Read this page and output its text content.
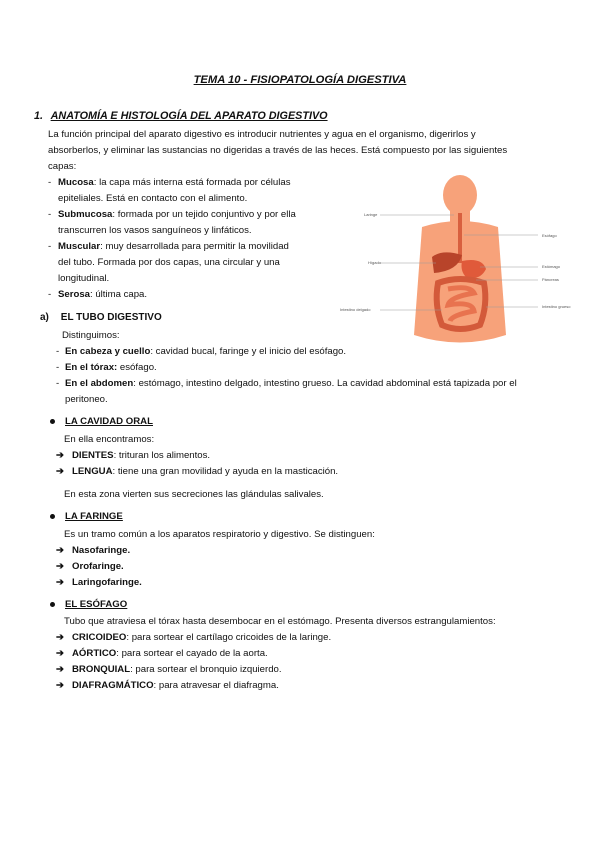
TEMA 10 - FISIOPATOLOGÍA DIGESTIVA
1. ANATOMÍA E HISTOLOGÍA DEL APARATO DIGESTIVO
La función principal del aparato digestivo es introducir nutrientes y agua en el organismo, digerirlos y
absorberlos, y eliminar las sustancias no digeridas a través de las heces. Está compuesto por las siguientes
capas:
- Mucosa: la capa más interna está formada por células
epiteliales. Está en contacto con el alimento.
- Submucosa: formada por un tejido conjuntivo y por ella
transcurren los vasos sanguíneos y linfáticos.
- Muscular: muy desarrollada para permitir la movilidad
del tubo. Formada por dos capas, una circular y una
longitudinal.
- Serosa: última capa.
Laringe
Hígado
Intestino delgado
Esófago
Estómago
Páncreas
Intestino grueso
a) EL TUBO DIGESTIVO
Distinguimos:
- En cabeza y cuello: cavidad bucal, faringe y el inicio del esófago.
- En el tórax: esófago.
- En el abdomen: estómago, intestino delgado, intestino grueso. La cavidad abdominal está tapizada por el
peritoneo.
LA CAVIDAD ORAL
En ella encontramos:
➔ DIENTES: trituran los alimentos.
➔ LENGUA: tiene una gran movilidad y ayuda en la masticación.
En esta zona vierten sus secreciones las glándulas salivales.
LA FARINGE
Es un tramo común a los aparatos respiratorio y digestivo. Se distinguen:
➔ Nasofaringe.
➔ Orofaringe.
➔ Laringofaringe.
EL ESÓFAGO
Tubo que atraviesa el tórax hasta desembocar en el estómago. Presenta diversos estrangulamientos:
➔ CRICOIDEO: para sortear el cartílago cricoides de la laringe.
➔ AÓRTICO: para sortear el cayado de la aorta.
➔ BRONQUIAL: para sortear el bronquio izquierdo.
➔ DIAFRAGMÁTICO: para atravesar el diafragma.
